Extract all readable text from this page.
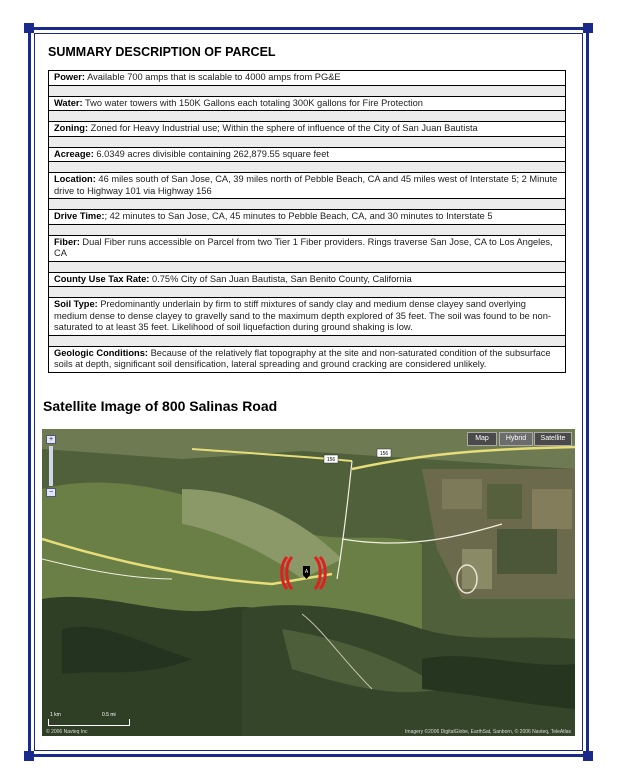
SUMMARY DESCRIPTION OF PARCEL
Power: Available 700 amps that is scalable to 4000 amps from PG&E

Water: Two water towers with 150K Gallons each totaling 300K gallons for Fire Protection

Zoning: Zoned for Heavy Industrial use; Within the sphere of influence of the City of San Juan Bautista

Acreage: 6.0349 acres divisible containing 262,879.55 square feet

Location: 46 miles south of San Jose, CA, 39 miles north of Pebble Beach, CA and 45 miles west of Interstate 5; 2 Minute drive to Highway 101 via Highway 156

Drive Time:; 42 minutes to San Jose, CA, 45 minutes to Pebble Beach, CA, and 30 minutes to Interstate 5

Fiber: Dual Fiber runs accessible on Parcel from two Tier 1 Fiber providers. Rings traverse San Jose, CA to Los Angeles, CA

County Use Tax Rate: 0.75% City of San Juan Bautista, San Benito County, California

Soil Type: Predominantly underlain by firm to stiff mixtures of sandy clay and medium dense clayey sand overlying medium dense to dense clayey to gravelly sand to the maximum depth explored of 35 feet. The soil was found to be non-saturated to at least 35 feet. Likelihood of soil liquefaction during ground shaking is low.

Geologic Conditions: Because of the relatively flat topography at the site and non-saturated condition of the subsurface soils at depth, significant soil densification, lateral spreading and ground cracking are considered unlikely.
Satellite Image of 800 Salinas Road
A
156
156
+
−
Map	Hybrid	Satellite
1 km	0.5 mi
© 2006 Navteq Inc	Imagery ©2006 DigitalGlobe, EarthSat, Sanborn, © 2006 Navteq, TeleAtlas
